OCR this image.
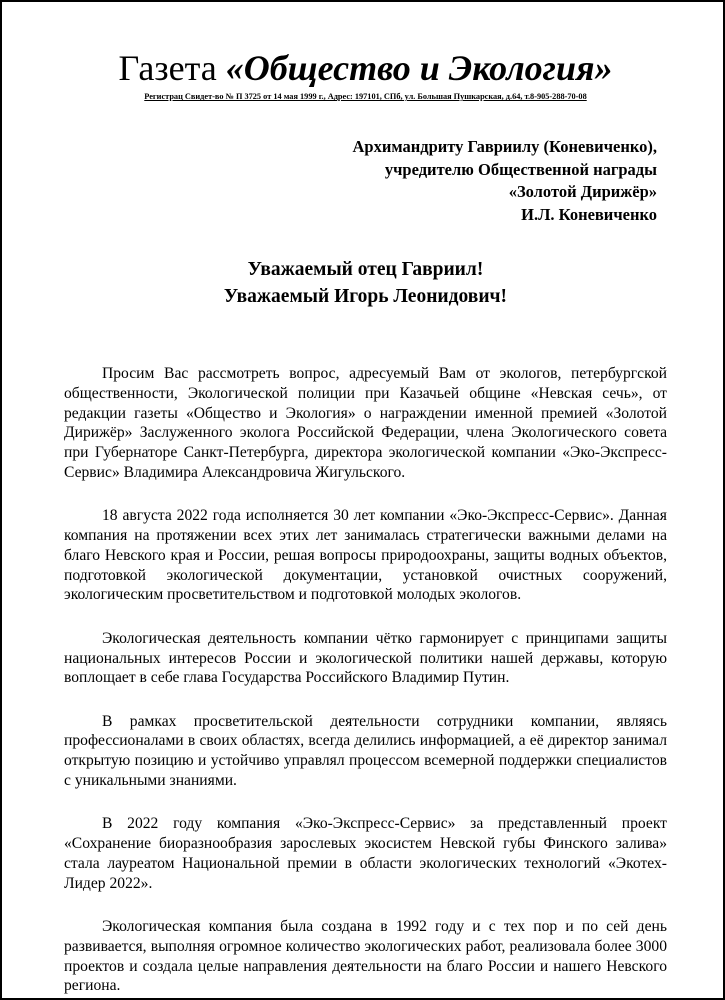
Газета «Общество и Экология»
Регистрац Свидет-во № П 3725 от 14 мая 1999 г., Адрес: 197101, СПб, ул. Большая Пушкарская, д.64, т.8-905-288-70-08
Архимандриту Гавриилу (Коневиченко),
учредителю Общественной награды
«Золотой Дирижёр»
И.Л. Коневиченко
Уважаемый отец Гавриил!
Уважаемый Игорь Леонидович!

Просим Вас рассмотреть вопрос, адресуемый Вам от экологов, петербургской общественности, Экологической полиции при Казачьей общине «Невская сечь», от редакции газеты «Общество и Экология» о награждении именной премией «Золотой Дирижёр» Заслуженного эколога Российской Федерации, члена Экологического совета при Губернаторе Санкт-Петербурга, директора экологической компании «Эко-Экспресс-Сервис» Владимира Александровича Жигульского.

18 августа 2022 года исполняется 30 лет компании «Эко-Экспресс-Сервис». Данная компания на протяжении всех этих лет занималась стратегически важными делами на благо Невского края и России, решая вопросы природоохраны, защиты водных объектов, подготовкой экологической документации, установкой очистных сооружений, экологическим просветительством и подготовкой молодых экологов.

Экологическая деятельность компании чётко гармонирует с принципами защиты национальных интересов России и экологической политики нашей державы, которую воплощает в себе глава Государства Российского Владимир Путин.

В рамках просветительской деятельности сотрудники компании, являясь профессионалами в своих областях, всегда делились информацией, а её директор занимал открытую позицию и устойчиво управлял процессом всемерной поддержки специалистов с уникальными знаниями.

В 2022 году компания «Эко-Экспресс-Сервис» за представленный проект «Сохранение биоразнообразия зарослевых экосистем Невской губы Финского залива» стала лауреатом Национальной премии в области экологических технологий «Экотех-Лидер 2022».

Экологическая компания была создана в 1992 году и с тех пор и по сей день развивается, выполняя огромное количество экологических работ, реализовала более 3000 проектов и создала целые направления деятельности на благо России и нашего Невского региона.
